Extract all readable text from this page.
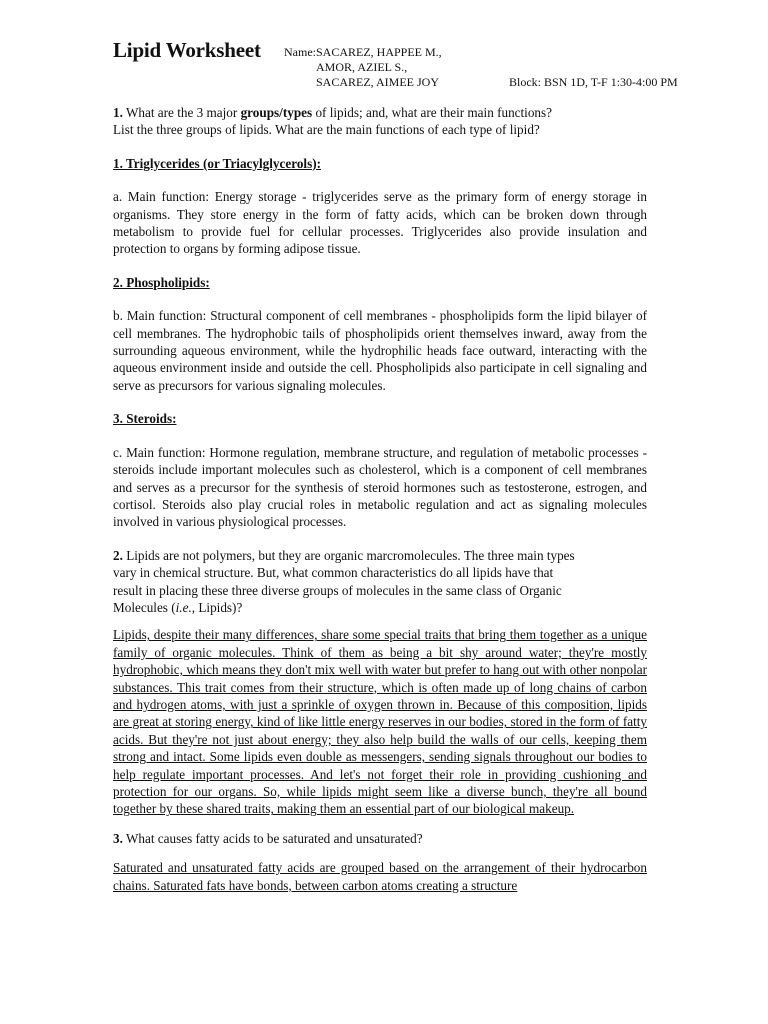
Lipid Worksheet Name: SACAREZ, HAPPEE M.,
AMOR, AZIEL S.,
SACAREZ, AIMEE JOY	Block: BSN 1D, T-F 1:30-4:00 PM

1. What are the 3 major groups/types of lipids; and, what are their main functions?
List the three groups of lipids. What are the main functions of each type of lipid?

1. Triglycerides (or Triacylglycerols):

a. Main function: Energy storage - triglycerides serve as the primary form of energy storage in organisms. They store energy in the form of fatty acids, which can be broken down through metabolism to provide fuel for cellular processes. Triglycerides also provide insulation and protection to organs by forming adipose tissue.

2. Phospholipids:

b. Main function: Structural component of cell membranes - phospholipids form the lipid bilayer of cell membranes. The hydrophobic tails of phospholipids orient themselves inward, away from the surrounding aqueous environment, while the hydrophilic heads face outward, interacting with the aqueous environment inside and outside the cell. Phospholipids also participate in cell signaling and serve as precursors for various signaling molecules.

3. Steroids:

c. Main function: Hormone regulation, membrane structure, and regulation of metabolic processes - steroids include important molecules such as cholesterol, which is a component of cell membranes and serves as a precursor for the synthesis of steroid hormones such as testosterone, estrogen, and cortisol. Steroids also play crucial roles in metabolic regulation and act as signaling molecules involved in various physiological processes.

2. Lipids are not polymers, but they are organic marcromolecules. The three main types
vary in chemical structure. But, what common characteristics do all lipids have that
result in placing these three diverse groups of molecules in the same class of Organic
Molecules (i.e., Lipids)?

Lipids, despite their many differences, share some special traits that bring them together as a unique family of organic molecules. Think of them as being a bit shy around water; they're mostly hydrophobic, which means they don't mix well with water but prefer to hang out with other nonpolar substances. This trait comes from their structure, which is often made up of long chains of carbon and hydrogen atoms, with just a sprinkle of oxygen thrown in. Because of this composition, lipids are great at storing energy, kind of like little energy reserves in our bodies, stored in the form of fatty acids. But they're not just about energy; they also help build the walls of our cells, keeping them strong and intact. Some lipids even double as messengers, sending signals throughout our bodies to help regulate important processes. And let's not forget their role in providing cushioning and protection for our organs. So, while lipids might seem like a diverse bunch, they're all bound together by these shared traits, making them an essential part of our biological makeup.

3. What causes fatty acids to be saturated and unsaturated?

Saturated and unsaturated fatty acids are grouped based on the arrangement of their hydrocarbon chains. Saturated fats have bonds, between carbon atoms creating a structure
